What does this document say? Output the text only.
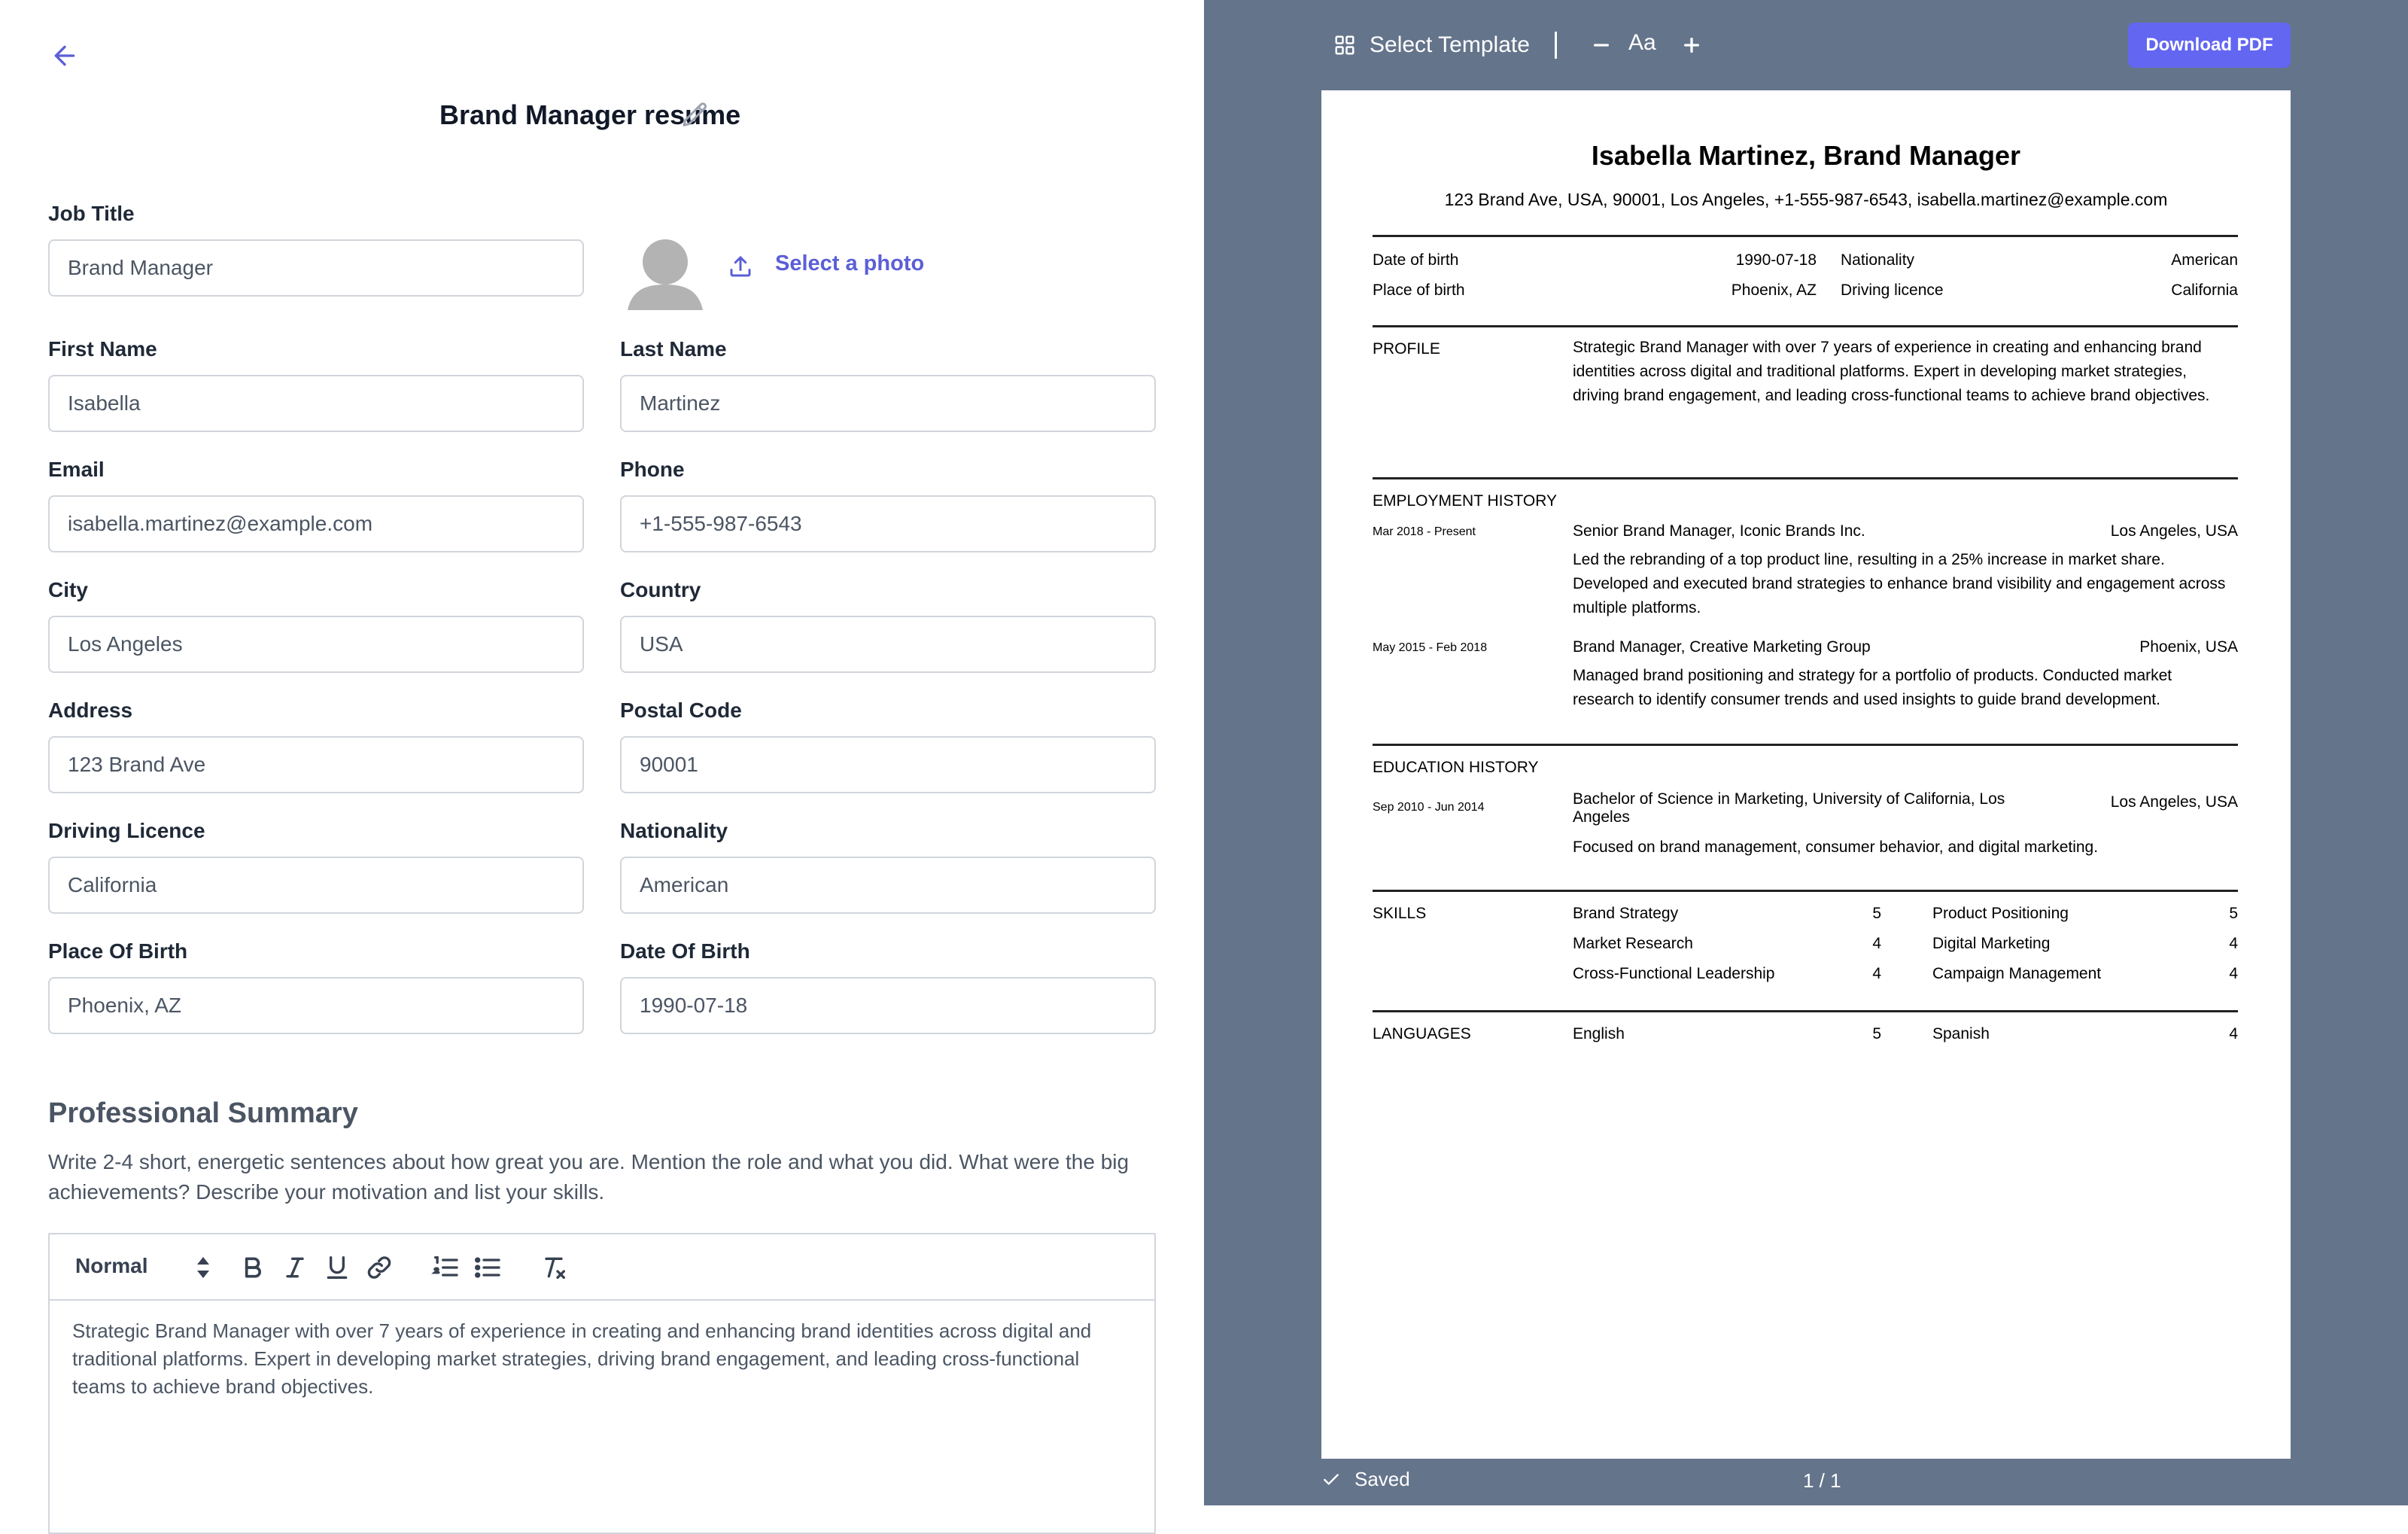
Brand Manager resume
Job Title
Brand Manager
Select a photo
First Name
Isabella	Last Name
Martinez
Email
isabella.martinez@example.com	Phone
+1-555-987-6543
City
Los Angeles	Country
USA
Address
123 Brand Ave	Postal Code
90001
Driving Licence
California	Nationality
American
Place Of Birth
Phoenix, AZ	Date Of Birth
1990-07-18
Professional Summary
Write 2-4 short, energetic sentences about how great you are. Mention the role and what you did. What were the big achievements? Describe your motivation and list your skills.
Normal
Strategic Brand Manager with over 7 years of experience in creating and enhancing brand identities across digital and traditional platforms. Expert in developing market strategies, driving brand engagement, and leading cross-functional teams to achieve brand objectives.
Select Template	Aa	Download PDF
Isabella Martinez, Brand Manager
123 Brand Ave, USA, 90001, Los Angeles, +1-555-987-6543, isabella.martinez@example.com
Date of birth	1990-07-18 Nationality	American
Place of birth	Phoenix, AZ Driving licence	California
PROFILE	Strategic Brand Manager with over 7 years of experience in creating and enhancing brand identities across digital and traditional platforms. Expert in developing market strategies, driving brand engagement, and leading cross-functional teams to achieve brand objectives.
EMPLOYMENT HISTORY
Mar 2018 - Present	Senior Brand Manager, Iconic Brands Inc.	Los Angeles, USA
Led the rebranding of a top product line, resulting in a 25% increase in market share. Developed and executed brand strategies to enhance brand visibility and engagement across multiple platforms.
May 2015 - Feb 2018	Brand Manager, Creative Marketing Group	Phoenix, USA
Managed brand positioning and strategy for a portfolio of products. Conducted market research to identify consumer trends and used insights to guide brand development.
EDUCATION HISTORY
Sep 2010 - Jun 2014	Bachelor of Science in Marketing, University of California, Los Angeles
Los Angeles, USA
Focused on brand management, consumer behavior, and digital marketing.
SKILLS	Brand Strategy	5	Product Positioning	5
Market Research	4	Digital Marketing	4
Cross-Functional Leadership	4	Campaign Management	4
LANGUAGES	English	5	Spanish	4
Saved	1 / 1
